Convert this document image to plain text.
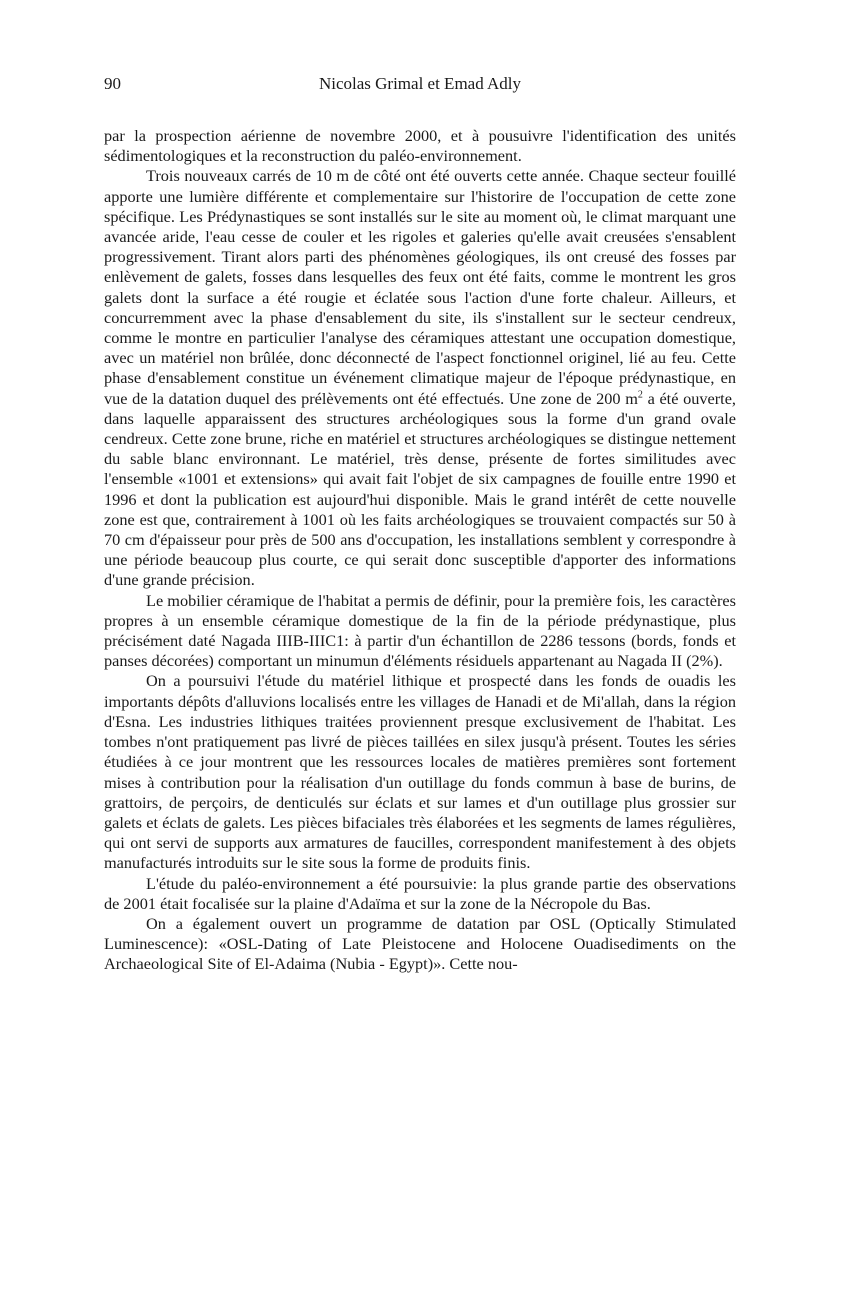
90	Nicolas Grimal et Emad Adly

par la prospection aérienne de novembre 2000, et à pousuivre l'identification des unités sédimentologiques et la reconstruction du paléo-environnement.

Trois nouveaux carrés de 10 m de côté ont été ouverts cette année. Chaque secteur fouillé apporte une lumière différente et complementaire sur l'historire de l'occupation de cette zone spécifique. Les Prédynastiques se sont installés sur le site au moment où, le climat marquant une avancée aride, l'eau cesse de couler et les rigoles et galeries qu'elle avait creusées s'ensablent progressivement. Tirant alors parti des phénomènes géologiques, ils ont creusé des fosses par enlèvement de galets, fosses dans lesquelles des feux ont été faits, comme le montrent les gros galets dont la surface a été rougie et éclatée sous l'action d'une forte chaleur. Ailleurs, et concurremment avec la phase d'ensablement du site, ils s'installent sur le secteur cendreux, comme le montre en particulier l'analyse des céramiques attestant une occupation domestique, avec un matériel non brûlée, donc déconnecté de l'aspect fonctionnel originel, lié au feu. Cette phase d'ensablement constitue un événement climatique majeur de l'époque prédynastique, en vue de la datation duquel des prélèvements ont été effectués. Une zone de 200 $m^2$ a été ouverte, dans laquelle apparaissent des structures archéologiques sous la forme d'un grand ovale cendreux. Cette zone brune, riche en matériel et structures archéologiques se distingue nettement du sable blanc environnant. Le matériel, très dense, présente de fortes similitudes avec l'ensemble «1001 et extensions» qui avait fait l'objet de six campagnes de fouille entre 1990 et 1996 et dont la publication est aujourd'hui disponible. Mais le grand intérêt de cette nouvelle zone est que, contrairement à 1001 où les faits archéologiques se trouvaient compactés sur 50 à 70 cm d'épaisseur pour près de 500 ans d'occupation, les installations semblent y correspondre à une période beaucoup plus courte, ce qui serait donc susceptible d'apporter des informations d'une grande précision.

Le mobilier céramique de l'habitat a permis de définir, pour la première fois, les caractères propres à un ensemble céramique domestique de la fin de la période prédynastique, plus précisément daté Nagada IIIB-IIIC1: à partir d'un échantillon de 2286 tessons (bords, fonds et panses décorées) comportant un minumun d'éléments résiduels appartenant au Nagada II (2%).

On a poursuivi l'étude du matériel lithique et prospecté dans les fonds de ouadis les importants dépôts d'alluvions localisés entre les villages de Hanadi et de Mi'allah, dans la région d'Esna. Les industries lithiques traitées proviennent presque exclusivement de l'habitat. Les tombes n'ont pratiquement pas livré de pièces taillées en silex jusqu'à présent. Toutes les séries étudiées à ce jour montrent que les ressources locales de matières premières sont fortement mises à contribution pour la réalisation d'un outillage du fonds commun à base de burins, de grattoirs, de perçoirs, de denticulés sur éclats et sur lames et d'un outillage plus grossier sur galets et éclats de galets. Les pièces bifaciales très élaborées et les segments de lames régulières, qui ont servi de supports aux armatures de faucilles, correspondent manifestement à des objets manufacturés introduits sur le site sous la forme de produits finis.

L'étude du paléo-environnement a été poursuivie: la plus grande partie des observations de 2001 était focalisée sur la plaine d'Adaïma et sur la zone de la Nécropole du Bas.

On a également ouvert un programme de datation par OSL (Optically Stimulated Luminescence): «OSL-Dating of Late Pleistocene and Holocene Ouadisediments on the Archaeological Site of El-Adaima (Nubia - Egypt)». Cette nou-
